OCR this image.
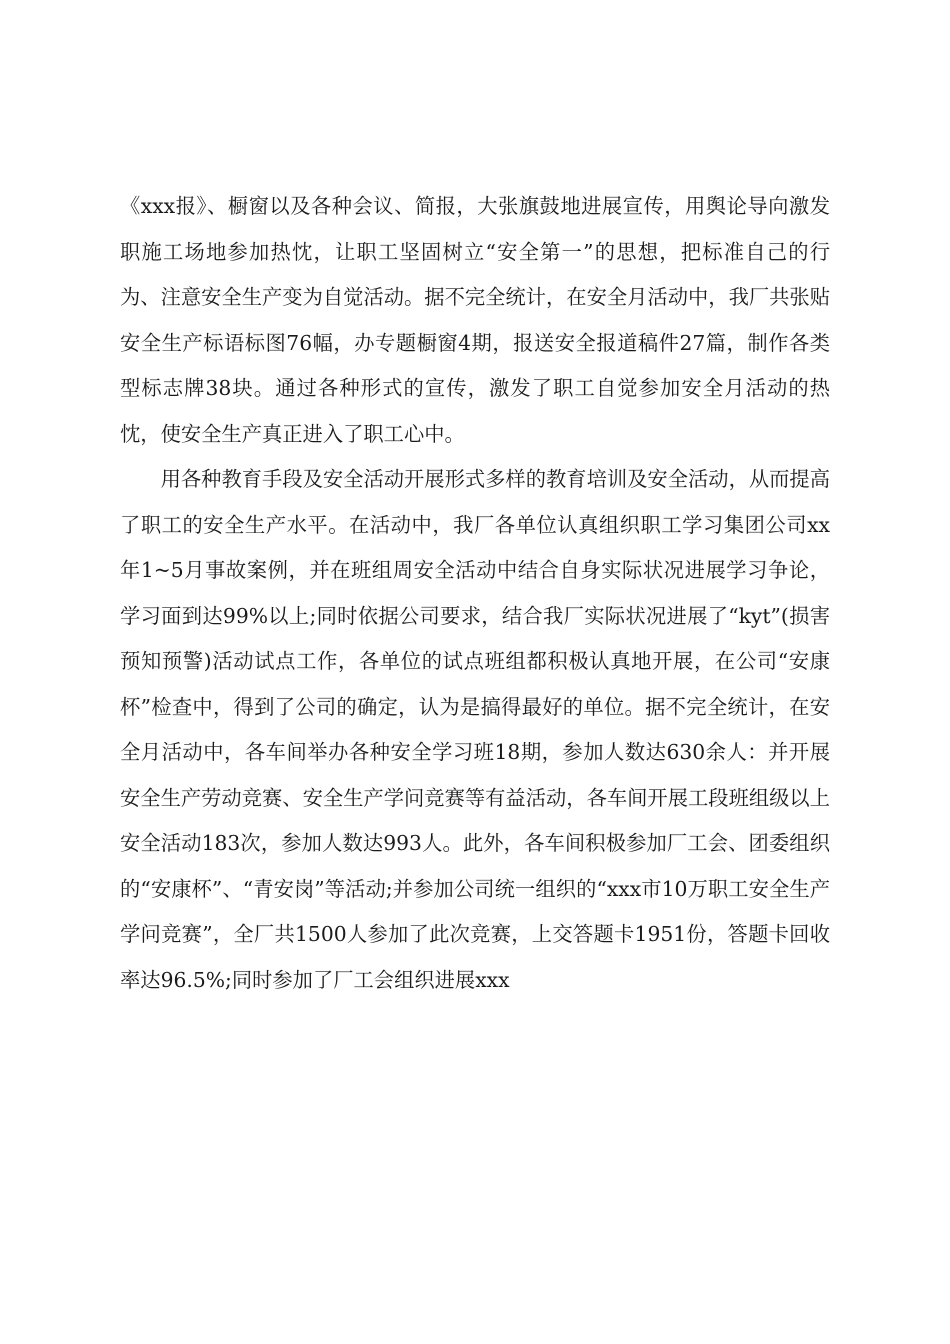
《xxx报》、橱窗以及各种会议、简报，大张旗鼓地进展宣传，用舆论导向激发职施工场地参加热忱，让职工坚固树立“安全第一”的思想，把标准自己的行为、注意安全生产变为自觉活动。据不完全统计，在安全月活动中，我厂共张贴安全生产标语标图76幅，办专题橱窗4期，报送安全报道稿件27篇，制作各类型标志牌38块。通过各种形式的宣传，激发了职工自觉参加安全月活动的热忱，使安全生产真正进入了职工心中。

用各种教育手段及安全活动开展形式多样的教育培训及安全活动，从而提高了职工的安全生产水平。在活动中，我厂各单位认真组织职工学习集团公司xx年1~5月事故案例，并在班组周安全活动中结合自身实际状况进展学习争论，学习面到达99%以上;同时依据公司要求，结合我厂实际状况进展了“kyt”(损害预知预警)活动试点工作，各单位的试点班组都积极认真地开展，在公司“安康杯”检查中，得到了公司的确定，认为是搞得最好的单位。据不完全统计，在安全月活动中，各车间举办各种安全学习班18期，参加人数达630余人：并开展安全生产劳动竞赛、安全生产学问竞赛等有益活动，各车间开展工段班组级以上安全活动183次，参加人数达993人。此外，各车间积极参加厂工会、团委组织的“安康杯”、“青安岗”等活动;并参加公司统一组织的“xxx市10万职工安全生产学问竞赛”，全厂共1500人参加了此次竞赛，上交答题卡1951份，答题卡回收率达96.5%;同时参加了厂工会组织进展xxx
